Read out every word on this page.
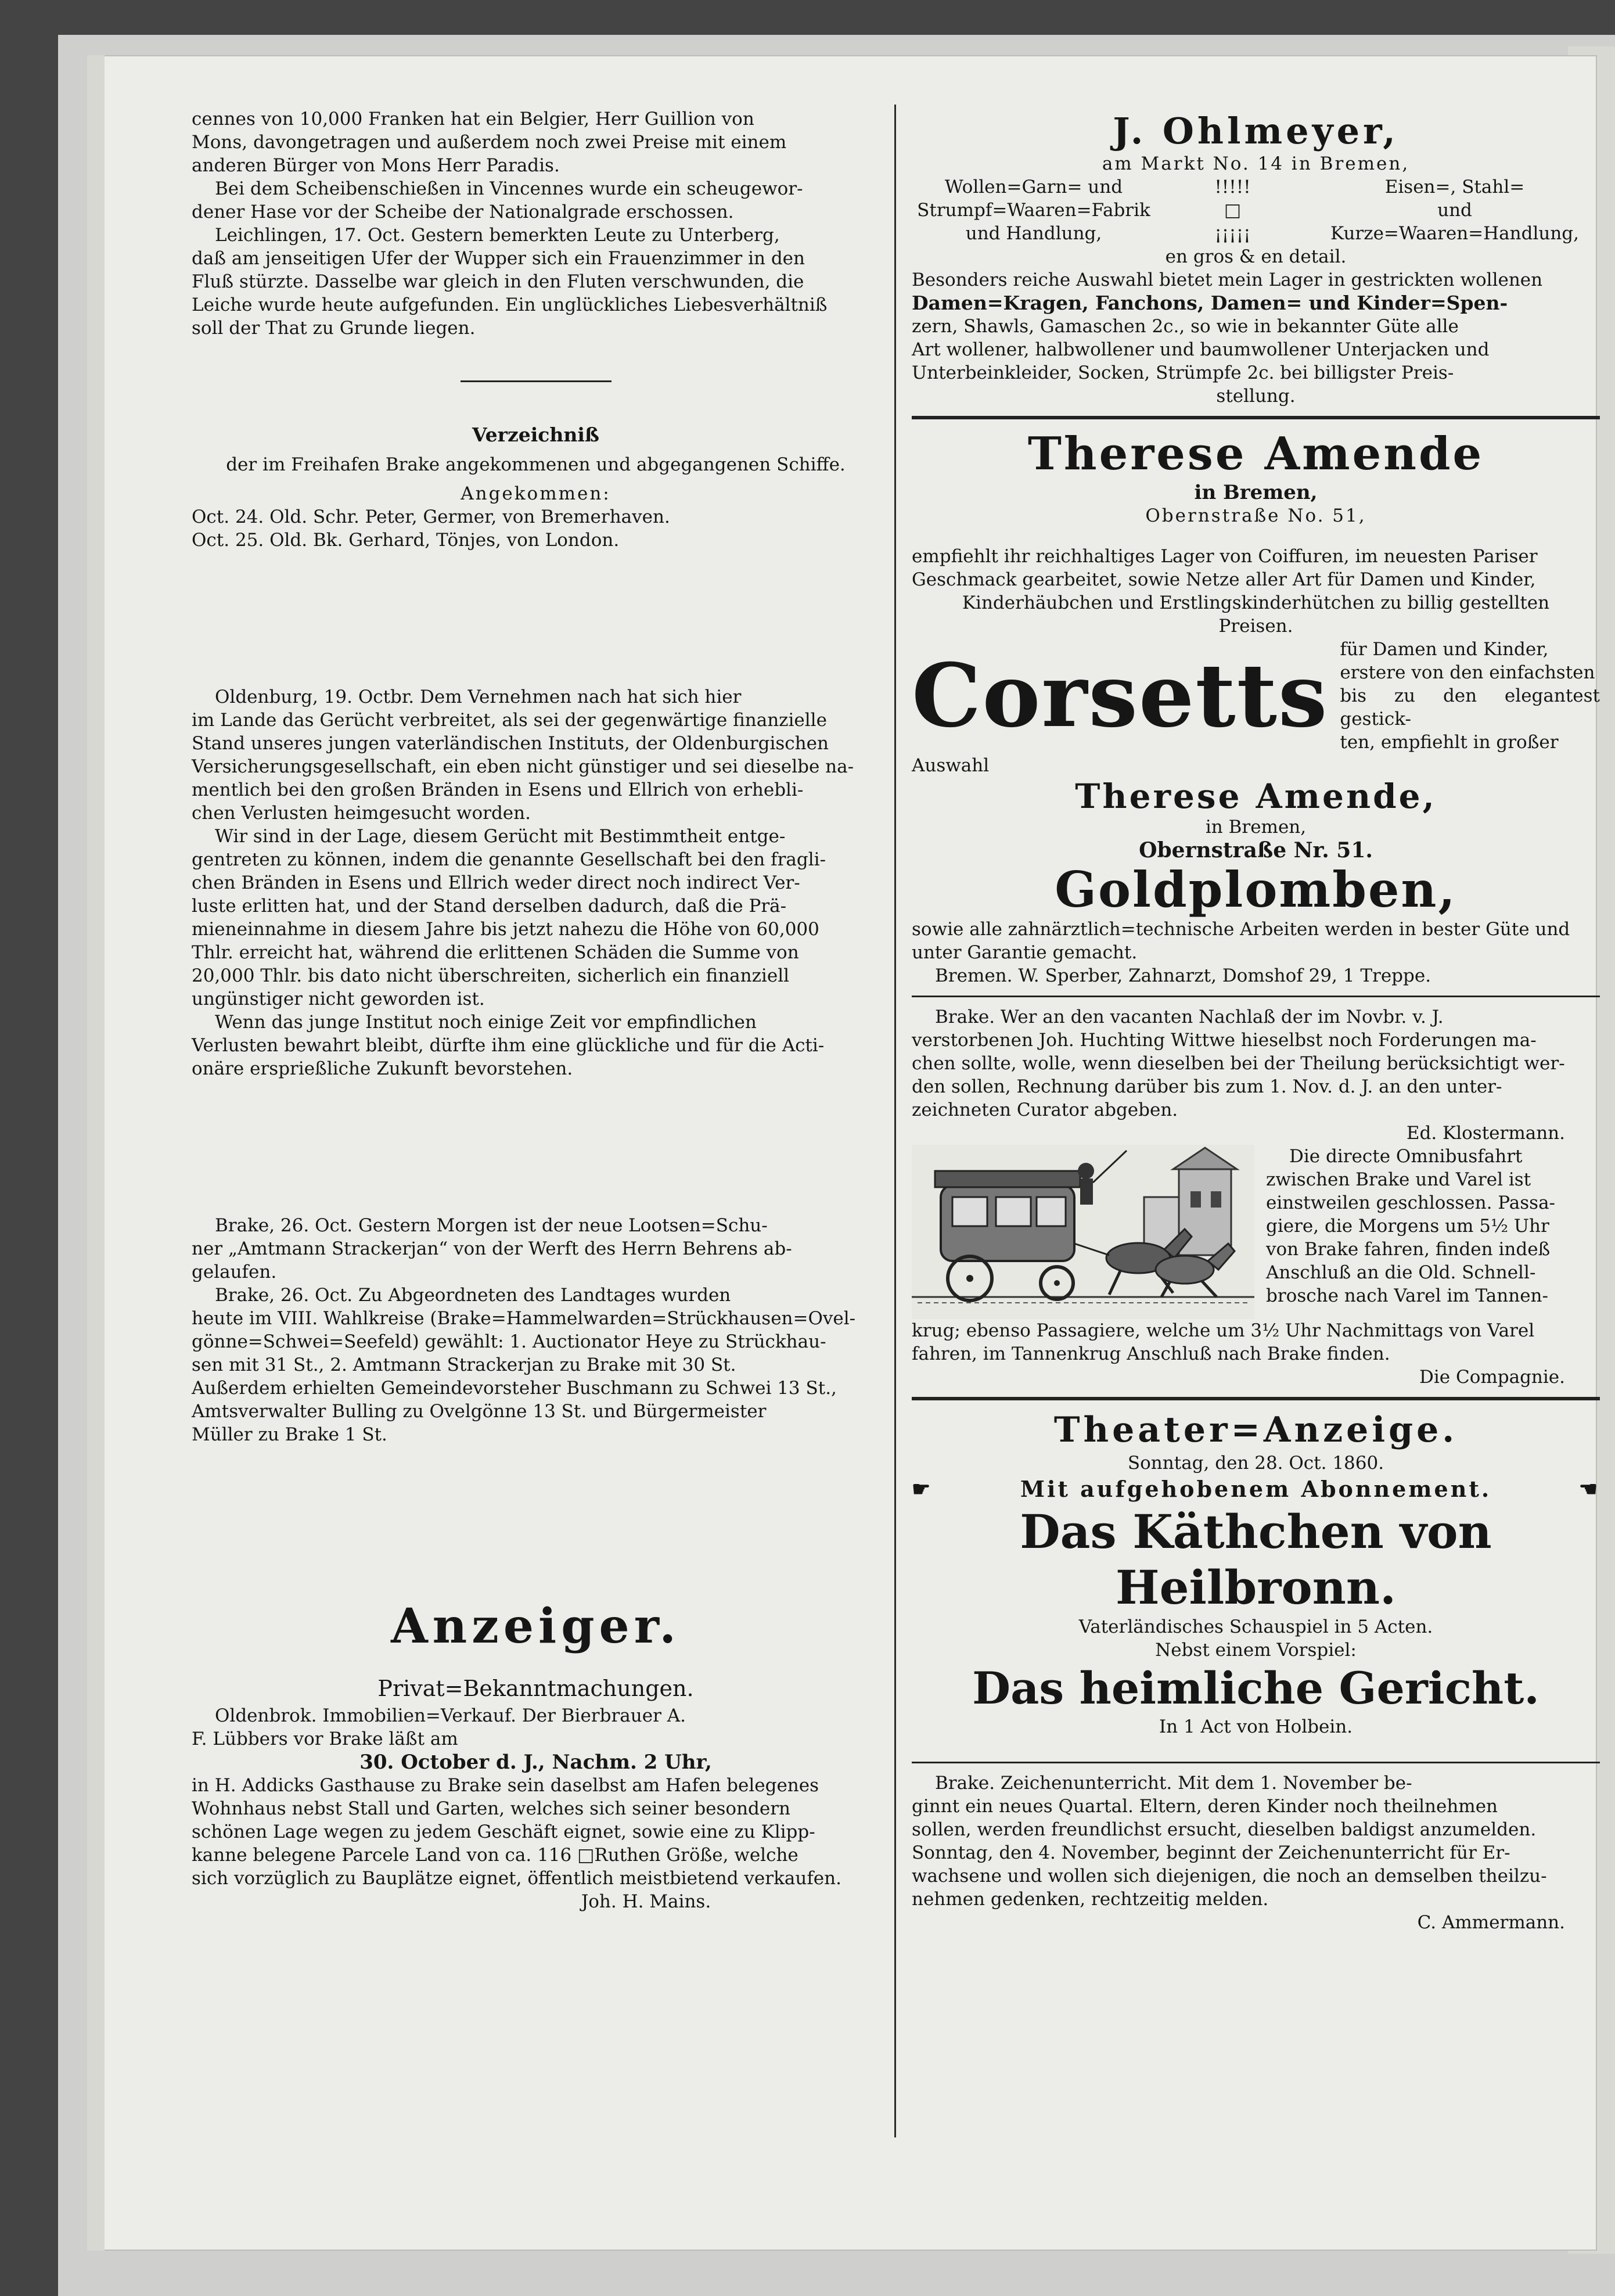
cennes von 10,000 Franken hat ein Belgier, Herr Guillion von
Mons, davongetragen und außerdem noch zwei Preise mit einem
anderen Bürger von Mons Herr Paradis.
Bei dem Scheibenschießen in Vincennes wurde ein scheugewor-
dener Hase vor der Scheibe der Nationalgrade erschossen.
Leichlingen, 17. Oct. Gestern bemerkten Leute zu Unterberg,
daß am jenseitigen Ufer der Wupper sich ein Frauenzimmer in den
Fluß stürzte. Dasselbe war gleich in den Fluten verschwunden, die
Leiche wurde heute aufgefunden. Ein unglückliches Liebesverhältniß
soll der That zu Grunde liegen.
Verzeichniß
der im Freihafen Brake angekommenen und abgegangenen Schiffe.
Angekommen:
Oct. 24. Old. Schr. Peter, Germer, von Bremerhaven.
Oct. 25. Old. Bk. Gerhard, Tönjes, von London.
Oldenburg, 19. Octbr. Dem Vernehmen nach hat sich hier
im Lande das Gerücht verbreitet, als sei der gegenwärtige finanzielle
Stand unseres jungen vaterländischen Instituts, der Oldenburgischen
Versicherungsgesellschaft, ein eben nicht günstiger und sei dieselbe na-
mentlich bei den großen Bränden in Esens und Ellrich von erhebli-
chen Verlusten heimgesucht worden.
Wir sind in der Lage, diesem Gerücht mit Bestimmtheit entge-
gentreten zu können, indem die genannte Gesellschaft bei den fragli-
chen Bränden in Esens und Ellrich weder direct noch indirect Ver-
luste erlitten hat, und der Stand derselben dadurch, daß die Prä-
mieneinnahme in diesem Jahre bis jetzt nahezu die Höhe von 60,000
Thlr. erreicht hat, während die erlittenen Schäden die Summe von
20,000 Thlr. bis dato nicht überschreiten, sicherlich ein finanziell
ungünstiger nicht geworden ist.
Wenn das junge Institut noch einige Zeit vor empfindlichen
Verlusten bewahrt bleibt, dürfte ihm eine glückliche und für die Acti-
onäre ersprießliche Zukunft bevorstehen.
Brake, 26. Oct. Gestern Morgen ist der neue Lootsen=Schu-
ner „Amtmann Strackerjan“ von der Werft des Herrn Behrens ab-
gelaufen.
Brake, 26. Oct. Zu Abgeordneten des Landtages wurden
heute im VIII. Wahlkreise (Brake=Hammelwarden=Strückhausen=Ovel-
gönne=Schwei=Seefeld) gewählt: 1. Auctionator Heye zu Strückhau-
sen mit 31 St., 2. Amtmann Strackerjan zu Brake mit 30 St.
Außerdem erhielten Gemeindevorsteher Buschmann zu Schwei 13 St.,
Amtsverwalter Bulling zu Ovelgönne 13 St. und Bürgermeister
Müller zu Brake 1 St.
Anzeiger.
Privat=Bekanntmachungen.
Oldenbrok. Immobilien=Verkauf. Der Bierbrauer A.
F. Lübbers vor Brake läßt am
30. October d. J., Nachm. 2 Uhr,
in H. Addicks Gasthause zu Brake sein daselbst am Hafen belegenes
Wohnhaus nebst Stall und Garten, welches sich seiner besondern
schönen Lage wegen zu jedem Geschäft eignet, sowie eine zu Klipp-
kanne belegene Parcele Land von ca. 116 □Ruthen Größe, welche
sich vorzüglich zu Bauplätze eignet, öffentlich meistbietend verkaufen.
Joh. H. Mains.
J. Ohlmeyer,
am Markt No. 14 in Bremen,
Wollen=Garn= und	!!!!!	Eisen=, Stahl=
Strumpf=Waaren=Fabrik	□	und
und Handlung,	¡¡¡¡¡	Kurze=Waaren=Handlung,
en gros & en detail.
Besonders reiche Auswahl bietet mein Lager in gestrickten wollenen
Damen=Kragen, Fanchons, Damen= und Kinder=Spen-
zern, Shawls, Gamaschen 2c., so wie in bekannter Güte alle
Art wollener, halbwollener und baumwollener Unterjacken und
Unterbeinkleider, Socken, Strümpfe 2c. bei billigster Preis-
stellung.
Therese Amende
in Bremen,
Obernstraße No. 51,
empfiehlt ihr reichhaltiges Lager von Coiffuren, im neuesten Pariser
Geschmack gearbeitet, sowie Netze aller Art für Damen und Kinder,
Kinderhäubchen und Erstlingskinderhütchen zu billig gestellten
Preisen.
Corsetts für Damen und Kinder,

erstere von den einfachsten

bis zu den elegantest gestick-

ten, empfiehlt in großer

Auswahl
Therese Amende,
in Bremen,
Obernstraße Nr. 51.
Goldplomben,
sowie alle zahnärztlich=technische Arbeiten werden in bester Güte und
unter Garantie gemacht.
Bremen. W. Sperber, Zahnarzt, Domshof 29, 1 Treppe.
Brake. Wer an den vacanten Nachlaß der im Novbr. v. J.
verstorbenen Joh. Huchting Wittwe hieselbst noch Forderungen ma-
chen sollte, wolle, wenn dieselben bei der Theilung berücksichtigt wer-
den sollen, Rechnung darüber bis zum 1. Nov. d. J. an den unter-
zeichneten Curator abgeben.
Ed. Klostermann.
Die directe Omnibusfahrt
zwischen Brake und Varel ist
einstweilen geschlossen. Passa-
giere, die Morgens um 5½ Uhr
von Brake fahren, finden indeß
Anschluß an die Old. Schnell-
brosche nach Varel im Tannen-
krug; ebenso Passagiere, welche um 3½ Uhr Nachmittags von Varel
fahren, im Tannenkrug Anschluß nach Brake finden.
Die Compagnie.
Theater=Anzeige.
Sonntag, den 28. Oct. 1860.
☛	Mit aufgehobenem Abonnement.	☚
Das Käthchen von Heilbronn.
Vaterländisches Schauspiel in 5 Acten.
Nebst einem Vorspiel:
Das heimliche Gericht.
In 1 Act von Holbein.
Brake. Zeichenunterricht. Mit dem 1. November be-
ginnt ein neues Quartal. Eltern, deren Kinder noch theilnehmen
sollen, werden freundlichst ersucht, dieselben baldigst anzumelden.
Sonntag, den 4. November, beginnt der Zeichenunterricht für Er-
wachsene und wollen sich diejenigen, die noch an demselben theilzu-
nehmen gedenken, rechtzeitig melden.
C. Ammermann.
